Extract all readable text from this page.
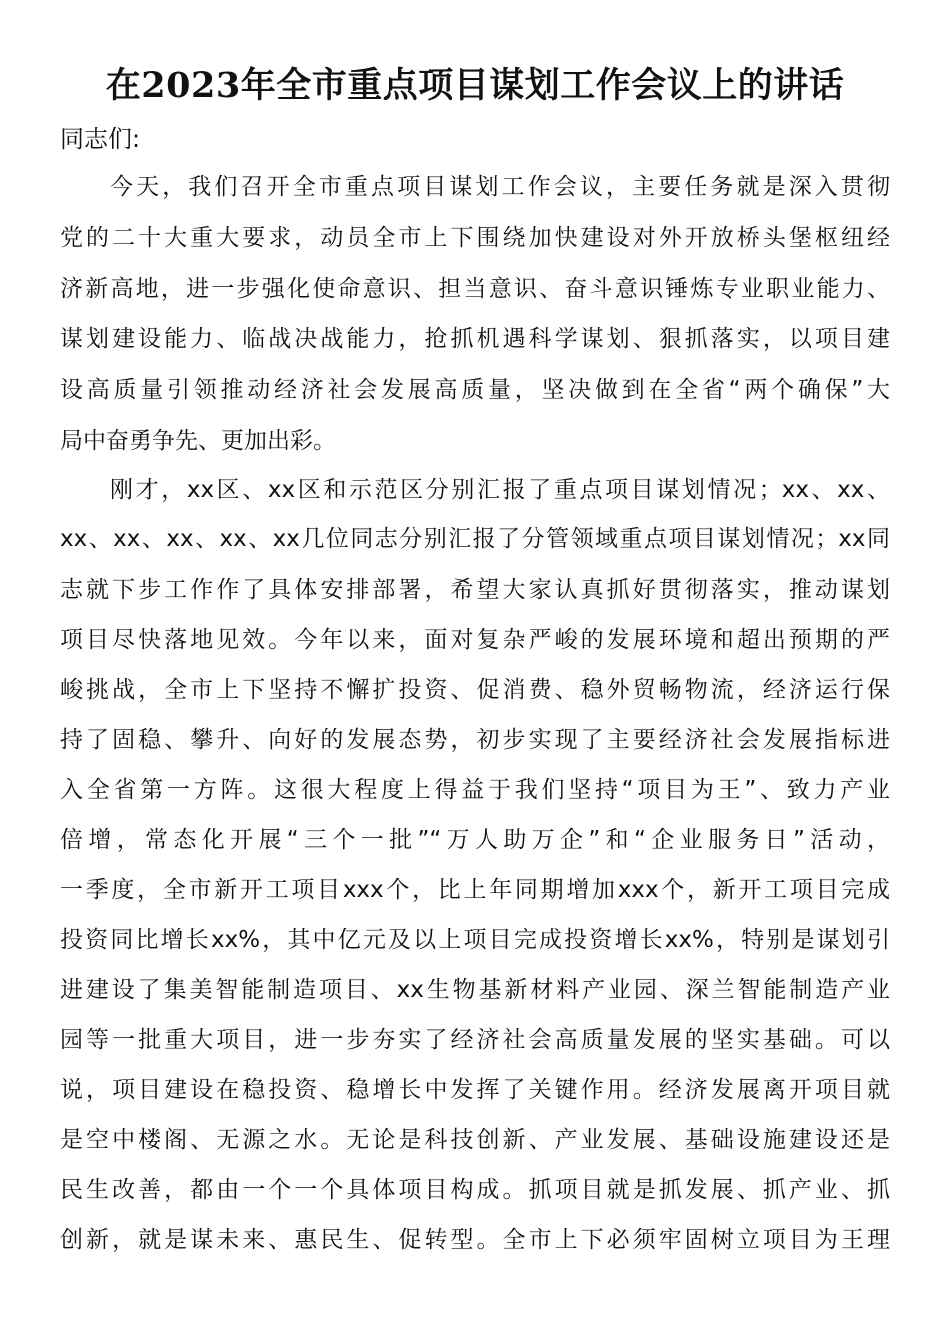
在2023年全市重点项目谋划工作会议上的讲话

同志们:

今天，我们召开全市重点项目谋划工作会议，主要任务就是深入贯彻

党的二十大重大要求，动员全市上下围绕加快建设对外开放桥头堡枢纽经

济新高地，进一步强化使命意识、担当意识、奋斗意识锤炼专业职业能力、

谋划建设能力、临战决战能力，抢抓机遇科学谋划、狠抓落实，以项目建

设高质量引领推动经济社会发展高质量，坚决做到在全省“两个确保”大

局中奋勇争先、更加出彩。

刚才，xx区、xx区和示范区分别汇报了重点项目谋划情况；xx、xx、

xx、xx、xx、xx、xx几位同志分别汇报了分管领域重点项目谋划情况；xx同

志就下步工作作了具体安排部署，希望大家认真抓好贯彻落实，推动谋划

项目尽快落地见效。今年以来，面对复杂严峻的发展环境和超出预期的严

峻挑战，全市上下坚持不懈扩投资、促消费、稳外贸畅物流，经济运行保

持了固稳、攀升、向好的发展态势，初步实现了主要经济社会发展指标进

入全省第一方阵。这很大程度上得益于我们坚持“项目为王”、致力产业

倍增，常态化开展“三个一批”“万人助万企”和“企业服务日”活动，

一季度，全市新开工项目xxx个，比上年同期增加xxx个，新开工项目完成

投资同比增长xx%，其中亿元及以上项目完成投资增长xx%，特别是谋划引

进建设了集美智能制造项目、xx生物基新材料产业园、深兰智能制造产业

园等一批重大项目，进一步夯实了经济社会高质量发展的坚实基础。可以

说，项目建设在稳投资、稳增长中发挥了关键作用。经济发展离开项目就

是空中楼阁、无源之水。无论是科技创新、产业发展、基础设施建设还是

民生改善，都由一个一个具体项目构成。抓项目就是抓发展、抓产业、抓

创新，就是谋未来、惠民生、促转型。全市上下必须牢固树立项目为王理
